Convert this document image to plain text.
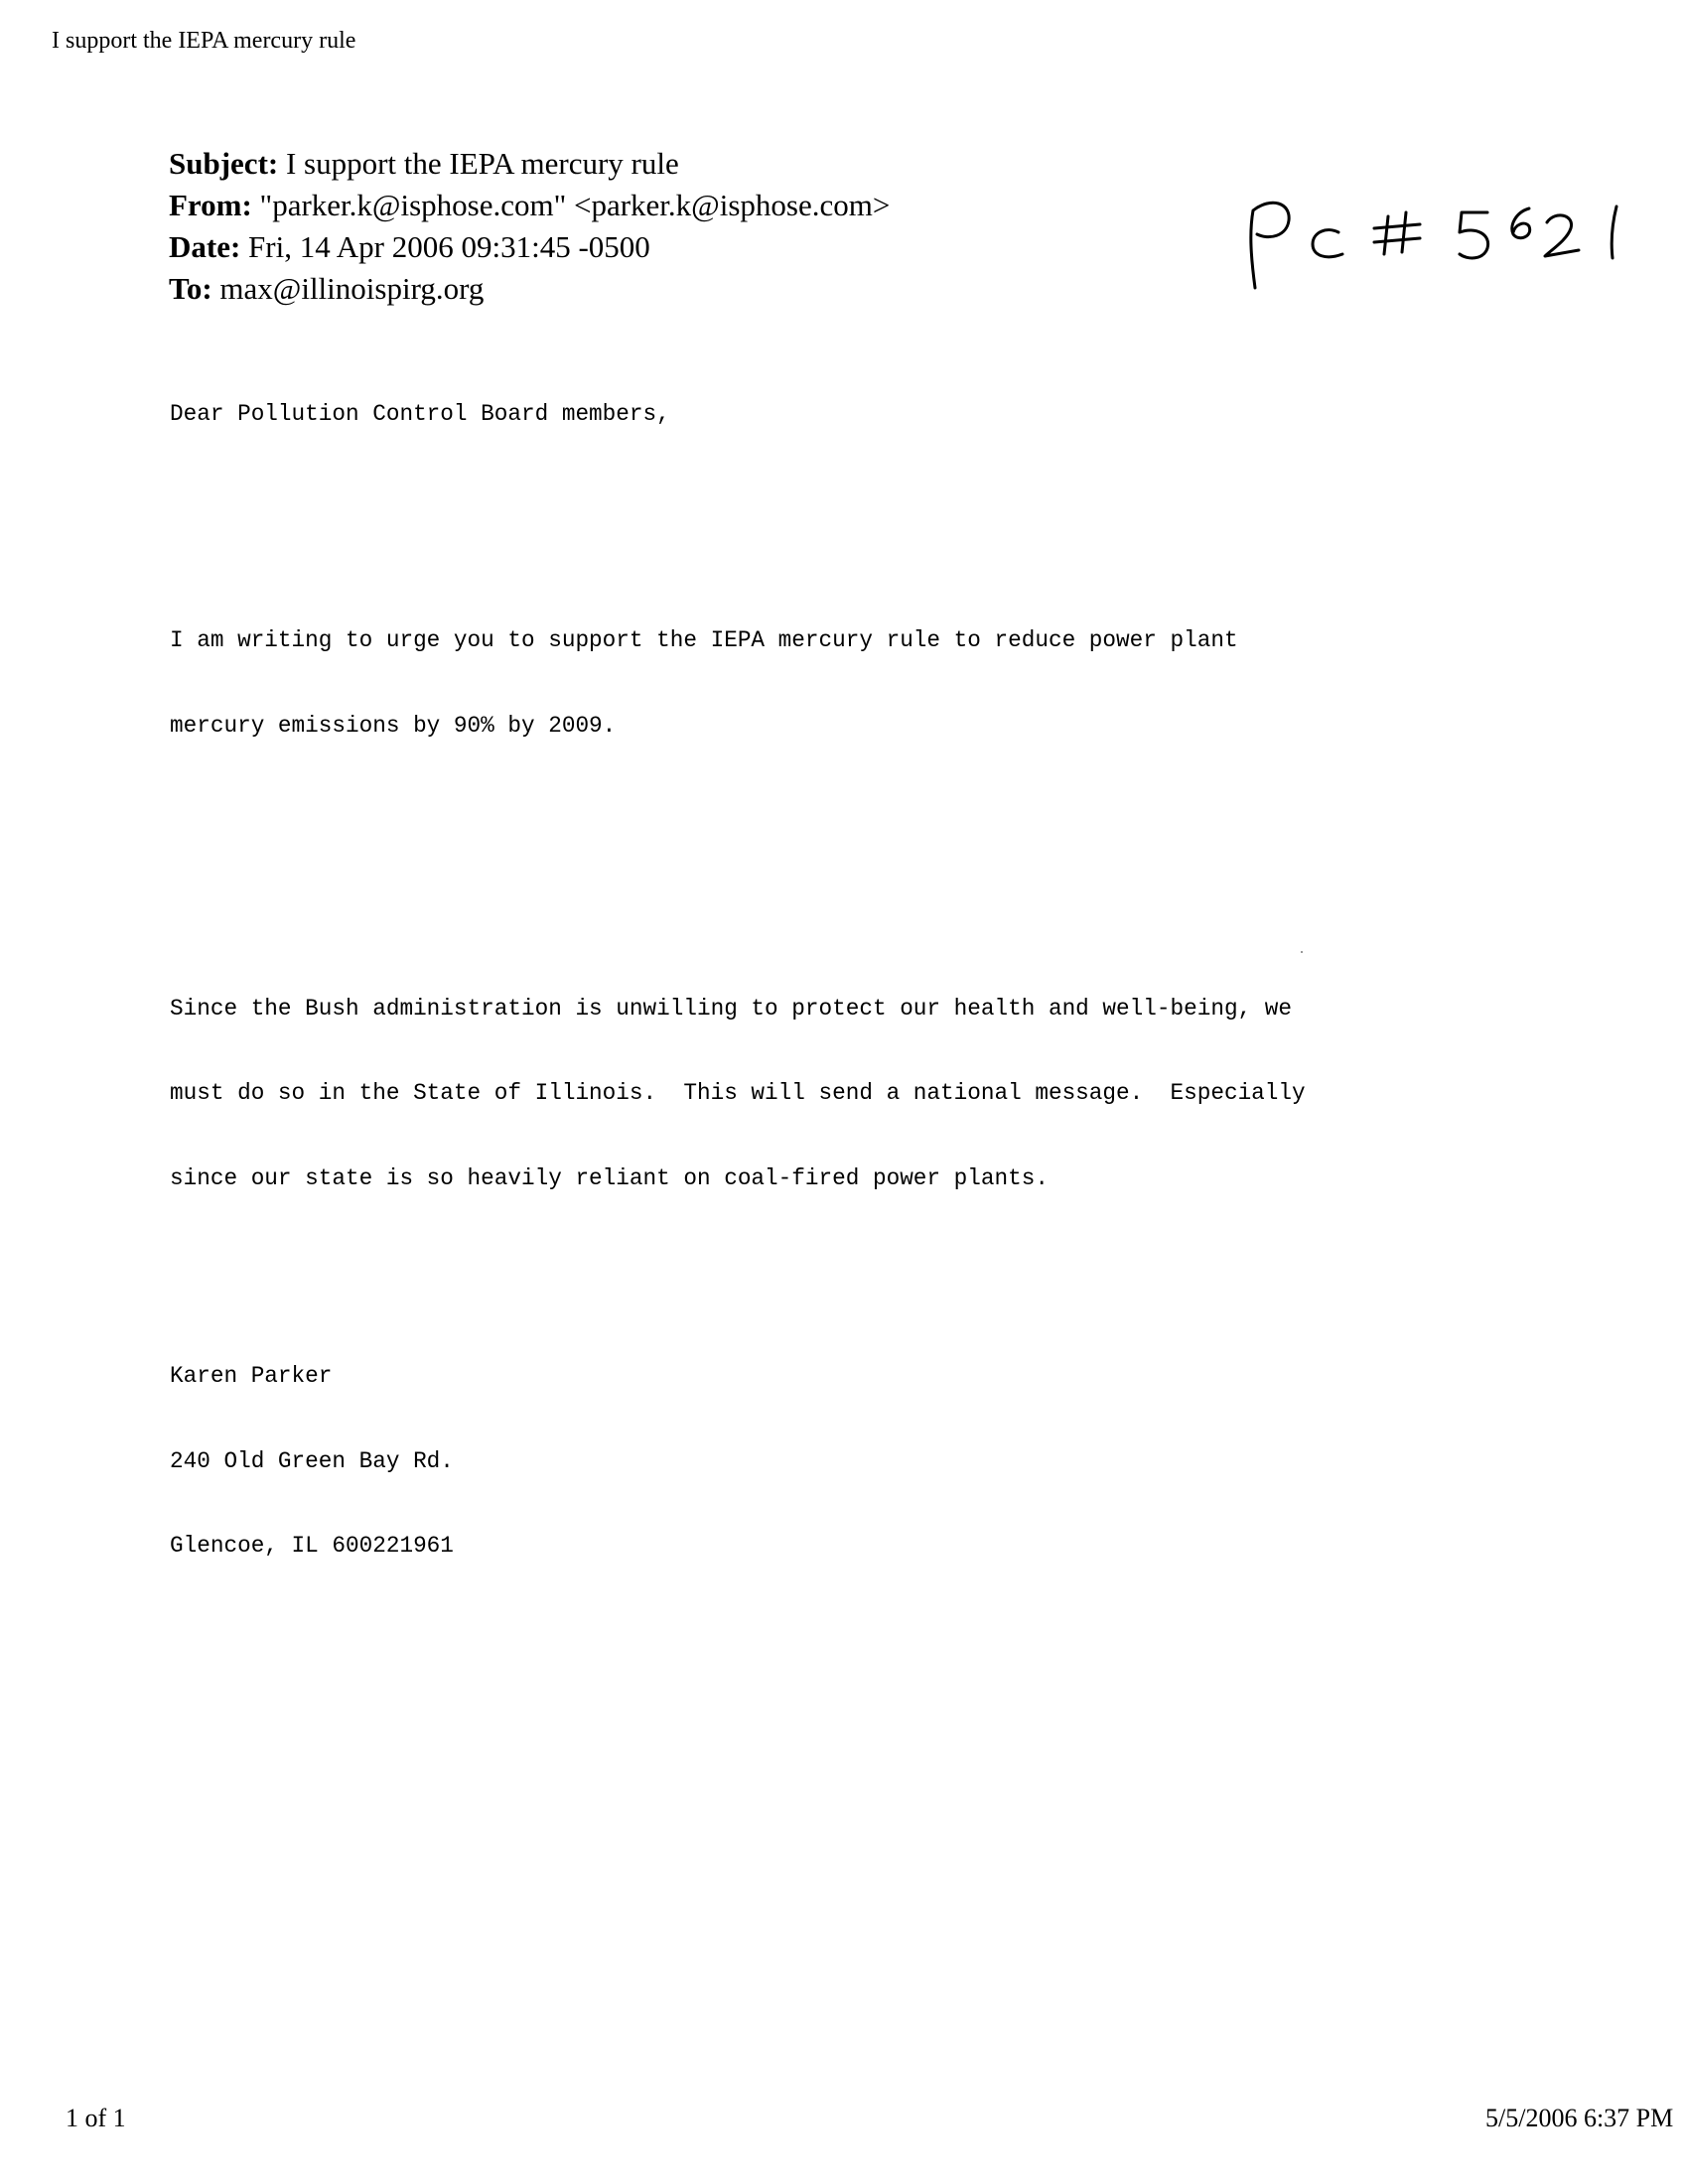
I support the IEPA mercury rule
Subject: I support the IEPA mercury rule
From: "parker.k@isphose.com" <parker.k@isphose.com>
Date: Fri, 14 Apr 2006 09:31:45 -0500
To: max@illinoispirg.org

Dear Pollution Control Board members,

I am writing to urge you to support the IEPA mercury rule to reduce power plant

mercury emissions by 90% by 2009.

Since the Bush administration is unwilling to protect our health and well-being, we

must do so in the State of Illinois.  This will send a national message.  Especially

since our state is so heavily reliant on coal-fired power plants.

Karen Parker

240 Old Green Bay Rd.

Glencoe, IL 600221961

1 of 1	5/5/2006 6:37 PM
